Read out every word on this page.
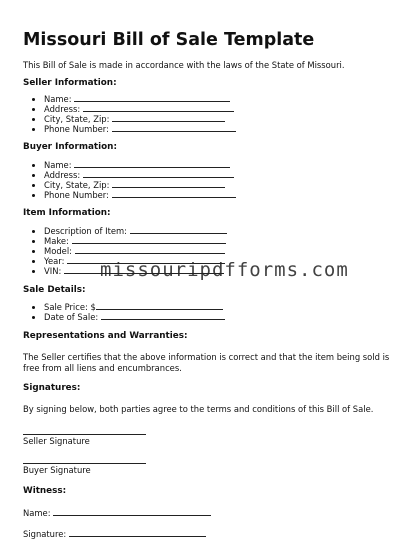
Missouri Bill of Sale Template

This Bill of Sale is made in accordance with the laws of the State of Missouri.

Seller Information:
• Name:
• Address:
• City, State, Zip:
• Phone Number:
Buyer Information:
• Name:
• Address:
• City, State, Zip:
• Phone Number:
Item Information:
• Description of Item:
• Make:
• Model:
• Year:
• VIN:
Sale Details:
• Sale Price: $
• Date of Sale:
Representations and Warranties:

The Seller certifies that the above information is correct and that the item being sold is free from all liens and encumbrances.

Signatures:

By signing below, both parties agree to the terms and conditions of this Bill of Sale.

Seller Signature
Buyer Signature
Witness:
Name:
Signature:
missouripdfforms.com
